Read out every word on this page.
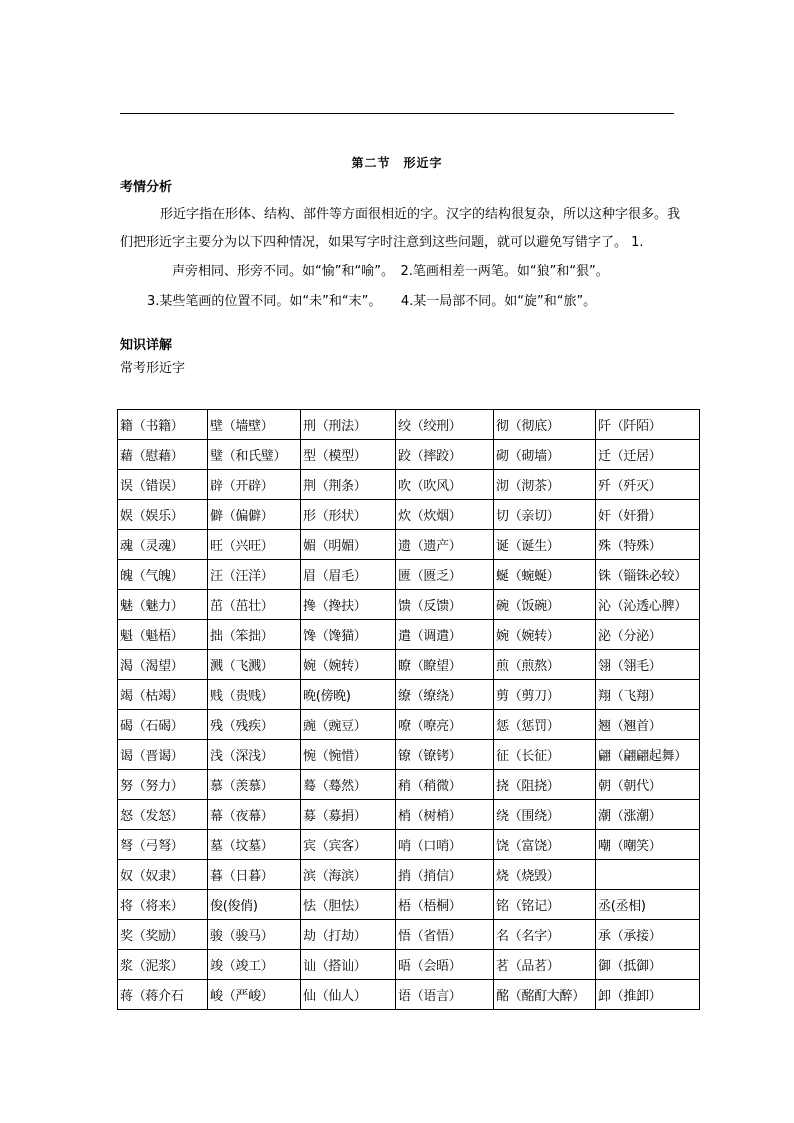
第二节　形近字
考情分析
形近字指在形体、结构、部件等方面很相近的字。汉字的结构很复杂，所以这种字很多。我
们把形近字主要分为以下四种情况，如果写字时注意到这些问题，就可以避免写错字了。 1.
声旁相同、形旁不同。如“愉”和“喻”。　2.笔画相差一两笔。如“狼”和“狠”。
3.某些笔画的位置不同。如“未”和“末”。　　4.某一局部不同。如“旋”和“旅”。
知识详解
常考形近字
籍（书籍）	壁（墙壁）	刑（刑法）	绞（绞刑）	彻（彻底）	阡（阡陌）
藉（慰藉）	璧（和氏璧）	型（模型）	跤（摔跤）	砌（砌墙）	迁（迁居）
误（错误）	辟（开辟）	荆（荆条）	吹（吹风）	沏（沏茶）	歼（歼灭）
娱（娱乐）	僻（偏僻）	形（形状）	炊（炊烟）	切（亲切）	奸（奸猾）
魂（灵魂）	旺（兴旺）	媚（明媚）	遗（遗产）	诞（诞生）	殊（特殊）
魄（气魄）	汪（汪洋）	眉（眉毛）	匮（匮乏）	蜒（蜿蜒）	铢（锱铢必较）
魅（魅力）	茁（茁壮）	搀（搀扶）	馈（反馈）	碗（饭碗）	沁（沁透心脾）
魁（魁梧）	拙（笨拙）	馋（馋猫）	遣（调遣）	婉（婉转）	泌（分泌）
渴（渴望）	溅（飞溅）	婉（婉转）	瞭（瞭望）	煎（煎熬）	翎（翎毛）
竭（枯竭）	贱（贵贱）	晚(傍晚)	缭（缭绕）	剪（剪刀）	翔（飞翔）
碣（石碣）	残（残疾）	豌（豌豆）	嘹（嘹亮）	惩（惩罚）	翘（翘首）
谒（晋谒）	浅（深浅）	惋（惋惜）	镣（镣铐）	征（长征）	翩（翩翩起舞）
努（努力）	慕（羡慕）	蓦（蓦然）	稍（稍微）	挠（阻挠）	朝（朝代）
怒（发怒）	幕（夜幕）	募（募捐）	梢（树梢）	绕（围绕）	潮（涨潮）
弩（弓弩）	墓（坟墓）	宾（宾客）	哨（口哨）	饶（富饶）	嘲（嘲笑）
奴（奴隶）	暮（日暮）	滨（海滨）	捎（捎信）	烧（烧毁）	
将（将来）	俊(俊俏)	怯（胆怯）	梧（梧桐）	铭（铭记）	丞(丞相)
奖（奖励）	骏（骏马）	劫（打劫）	悟（省悟）	名（名字）	承（承接）
浆（泥浆）	竣（竣工）	讪（搭讪）	晤（会晤）	茗（品茗）	御（抵御）
蒋（蒋介石	峻（严峻）	仙（仙人）	语（语言）	酩（酩酊大醉）	卸（推卸）
